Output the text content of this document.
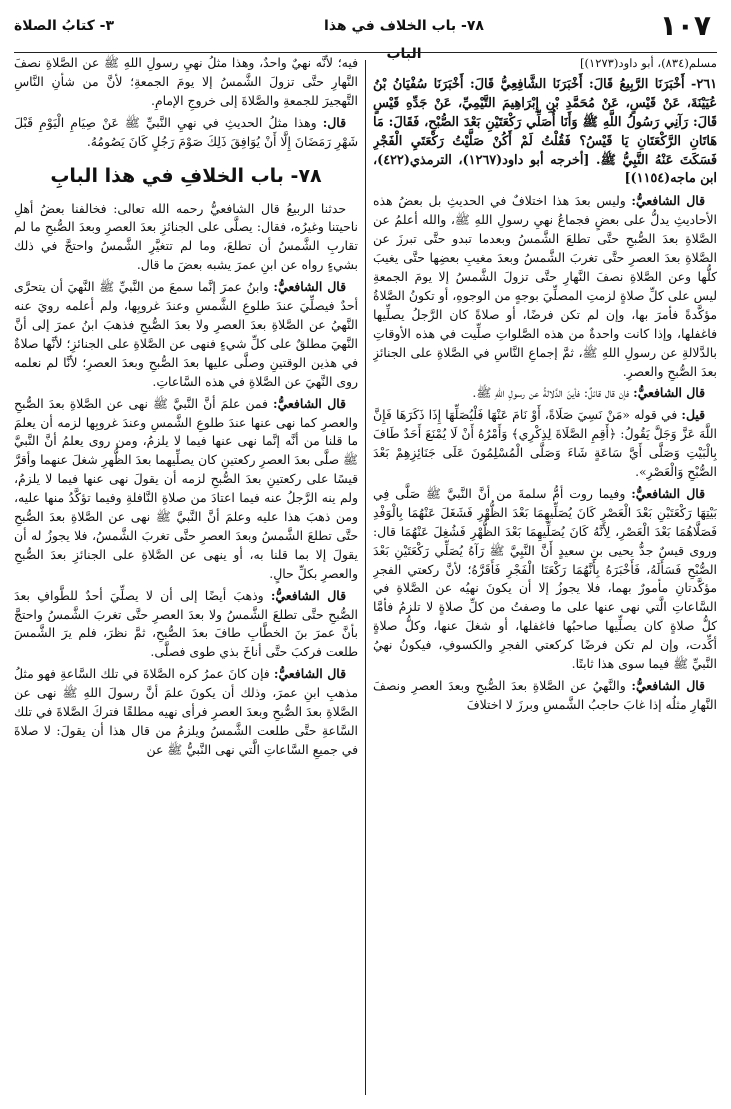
١٠٧
٧٨- باب الخلاف في هذا الباب
٣- كتابُ الصلاة

مسلم(٨٣٤)، أبو داود(١٢٧٣)]

٢٦١- أَخْبَرَنَا الرَّبِيعُ قَالَ: أَخْبَرَنَا الشَّافِعِيُّ قَالَ: أَخْبَرَنَا سُفْيَانُ بْنُ عُيَيْنَةَ، عَنْ قَيْسٍ، عَنْ مُحَمَّدِ بْنِ إِبْرَاهِيمَ التَّيْمِيِّ، عَنْ جَدِّهِ قَيْسٍ قَالَ: رَآنِي رَسُولُ اللَّهِ ﷺ وَأَنَا أُصَلِّي رَكْعَتَيْنِ بَعْدَ الصُّبْحِ، فَقَالَ: مَا هَاتَانِ الرَّكْعَتَانِ يَا قَيْسُ؟ فَقُلْتُ لَمْ أَكُنْ صَلَّيْتُ رَكْعَتَيِ الْفَجْرِ فَسَكَتَ عَنْهُ النَّبِيُّ ﷺ. [أخرجه أبو داود(١٢٦٧)، الترمذي(٤٢٢)، ابن ماجه(١١٥٤)]

قال الشافعيُّ: وليس بعدَ هذا اختلافٌ في الحديثِ بل بعضُ هذه الأحاديثِ يدلُّ على بعضٍ فجماعُ نهيِ رسولِ اللهِ ﷺ، والله أعلمُ عن الصَّلاةِ بعدَ الصُّبحِ حتَّى تطلعَ الشَّمسُ وبعدما تبدو حتَّى تبرزَ عن الصَّلاةِ بعدَ العصرِ حتَّى تغربَ الشَّمسُ وبعدَ مغيبِ بعضِها حتَّى يغيبَ كلُّها وعن الصَّلاةِ نصفَ النَّهارِ حتَّى تزولَ الشَّمسُ إلا يومَ الجمعةِ ليس على كلِّ صلاةٍ لزمتِ المصلِّيَ بوجهٍ من الوجوهِ، أو تكونُ الصَّلاةُ مؤكَّدةً فأمرَ بها، وإن لم تكن فرضًا، أو صلاةً كان الرَّجلُ يصلِّيها فاغفلها، وإذا كانت واحدةٌ من هذه الصَّلواتِ صلِّيت في هذه الأوقاتِ بالدَّلالةِ عن رسولِ اللهِ ﷺ، ثمَّ إجماعِ النَّاسِ في الصَّلاةِ على الجنائزِ بعدَ الصُّبحِ والعصرِ.

قال الشافعيُّ: فإن قال قائلٌ: فأينَ الدَّلالةُ عن رسولِ اللهِ ﷺ.

قيل: في قوله «مَنْ نَسِيَ صَلَاةً، أَوْ نَامَ عَنْهَا فَلْيُصَلِّهَا إِذَا ذَكَرَهَا فَإِنَّ اللَّهَ عَزَّ وَجَلَّ يَقُولُ: ﴿أَقِمِ الصَّلَاةَ لِذِكْرِي﴾ وَأَمْرُهُ أَنْ لَا يُمْنَعَ أَحَدٌ طَافَ بِالْبَيْتِ وَصَلَّى أَيَّ سَاعَةٍ شَاءَ وَصَلَّى الْمُسْلِمُونَ عَلَى جَنَائِزِهِمْ بَعْدَ الصُّبْحِ وَالْعَصْرِ».

قال الشافعيُّ: وفيما روت أمُّ سلمةَ من أنَّ النَّبيَّ ﷺ صَلَّى فِي بَيْتِهَا رَكْعَتَيْنِ بَعْدَ الْعَصْرِ كَانَ يُصَلِّيهِمَا بَعْدَ الظُّهْرِ فَشَغَلَ عَنْهُمَا بِالْوَفْدِ فَصَلَّاهُمَا بَعْدَ الْعَصْرِ، لِأَنَّهُ كَانَ يُصَلِّيهِمَا بَعْدَ الظُّهْرِ فَشُغِلَ عَنْهُمَا قال: وروى قيسٌ جدُّ يحيى بنِ سعيدٍ أَنَّ النَّبِيَّ ﷺ رَآهُ يُصَلِّي رَكْعَتَيْنِ بَعْدَ الصُّبْحِ فَسَأَلَهُ، فَأَخْبَرَهُ بِأَنَّهُمَا رَكْعَتَا الْفَجْرِ فَأَقَرَّهُ؛ لأنَّ ركعتي الفجرِ مؤكَّدتانِ مأمورٌ بهما، فلا يجوزُ إلا أن يكونَ نهيُه عن الصَّلاةِ في السَّاعاتِ الَّتي نهى عنها على ما وصفتُ من كلِّ صلاةٍ لا تلزمُ فأمَّا كلُّ صلاةٍ كان يصلِّيها صاحبُها فاغفلها، أو شغلَ عنها، وكلُّ صلاةٍ أكِّدت، وإن لم تكن فرضًا كركعتي الفجرِ والكسوفِ، فيكونُ نهيُ النَّبيِّ ﷺ فيما سوى هذا ثابتًا.

قال الشافعيُّ: والنَّهيُ عن الصَّلاةِ بعدَ الصُّبحِ وبعدَ العصرِ ونصفَ النَّهارِ مثلُه إذا غابَ حاجبُ الشَّمسِ وبرزَ لا اختلافَ

فيه؛ لأنَّه نهيٌ واحدٌ، وهذا مثلُ نهيِ رسولِ اللهِ ﷺ عن الصَّلاةِ نصفَ النَّهارِ حتَّى تزولَ الشَّمسُ إلا يومَ الجمعةِ؛ لأنَّ من شأنِ النَّاسِ التَّهجيرَ للجمعةِ والصَّلاةَ إلى خروجِ الإمامِ.

قال: وهذا مثلُ الحديثِ في نهيِ النَّبيِّ ﷺ عَنْ صِيَامِ الْيَوْمِ قَبْلَ شَهْرِ رَمَضَانَ إِلَّا أَنْ يُوَافِقَ ذَلِكَ صَوْمَ رَجُلٍ كَانَ يَصُومُهُ.

٧٨- باب الخلافِ في هذا البابِ

حدثنا الربيعُ قال الشافعيُّ رحمه الله تعالى: فخالفنا بعضُ أهلِ ناحيتنا وغيرُه، فقال: يصلَّى على الجنائزِ بعدَ العصرِ وبعدَ الصُّبحِ ما لم تقاربِ الشَّمسُ أن تطلعَ، وما لم تتغيَّرِ الشَّمسُ واحتجَّ في ذلك بشيءٍ رواه عن ابنِ عمرَ يشبه بعضَ ما قال.

قال الشافعيُّ: وابنُ عمرَ إنَّما سمعَ من النَّبيِّ ﷺ النَّهيَ أن يتحرَّى أحدٌ فيصلِّيَ عندَ طلوعِ الشَّمسِ وعندَ غروبِها، ولم أعلمه رويَ عنه النَّهيُ عن الصَّلاةِ بعدَ العصرِ ولا بعدَ الصُّبحِ فذهبَ ابنُ عمرَ إلى أنَّ النَّهيَ مطلقٌ على كلِّ شيءٍ فنهى عن الصَّلاةِ على الجنائزِ؛ لأنَّها صلاةٌ في هذين الوقتينِ وصلَّى عليها بعدَ الصُّبحِ وبعدَ العصرِ؛ لأنَّا لم نعلمه روى النَّهيَ عن الصَّلاةِ في هذه السَّاعاتِ.

قال الشافعيُّ: فمن علمَ أنَّ النَّبيَّ ﷺ نهى عن الصَّلاةِ بعدَ الصُّبحِ والعصرِ كما نهى عنها عندَ طلوعِ الشَّمسِ وعندَ غروبِها لزمه أن يعلمَ ما قلنا من أنَّه إنَّما نهى عنها فيما لا يلزمُ، ومن روى يعلمُ أنَّ النَّبيَّ ﷺ صلَّى بعدَ العصرِ ركعتينِ كان يصلِّيهما بعدَ الظُّهرِ شغلَ عنهما وأقرَّ قيسًا على ركعتينِ بعدَ الصُّبحِ لزمه أن يقولَ نهى عنها فيما لا يلزمُ، ولم ينه الرَّجلُ عنه فيما اعتادَ من صلاةِ النَّافلةِ وفيما تؤكَّدُ منها عليه، ومن ذهبَ هذا عليه وعلمَ أنَّ النَّبيَّ ﷺ نهى عن الصَّلاةِ بعدَ الصُّبحِ حتَّى تطلعَ الشَّمسُ وبعدَ العصرِ حتَّى تغربَ الشَّمسُ، فلا يجوزُ له أن يقولَ إلا بما قلنا به، أو ينهى عن الصَّلاةِ على الجنائزِ بعدَ الصُّبحِ والعصرِ بكلِّ حالٍ.

قال الشافعيُّ: وذهبَ أيضًا إلى أن لا يصلِّيَ أحدٌ للطَّوافِ بعدَ الصُّبحِ حتَّى تطلعَ الشَّمسُ ولا بعدَ العصرِ حتَّى تغربَ الشَّمسُ واحتجَّ بأنَّ عمرَ بنَ الخطَّابِ طافَ بعدَ الصُّبحِ، ثمَّ نظرَ، فلم يرَ الشَّمسَ طلعت فركبَ حتَّى أناخَ بذي طوى فصلَّى.

قال الشافعيُّ: فإن كانَ عمرُ كره الصَّلاةَ في تلك السَّاعةِ فهو مثلُ مذهبِ ابنِ عمرَ، وذلك أن يكونَ علمَ أنَّ رسولَ اللهِ ﷺ نهى عن الصَّلاةِ بعدَ الصُّبحِ وبعدَ العصرِ فرأى نهيه مطلقًا فتركَ الصَّلاةَ في تلك السَّاعةِ حتَّى طلعت الشَّمسُ ويلزمُ من قال هذا أن يقولَ: لا صلاةَ في جميعِ السَّاعاتِ الَّتي نهى النَّبيُّ ﷺ عن
